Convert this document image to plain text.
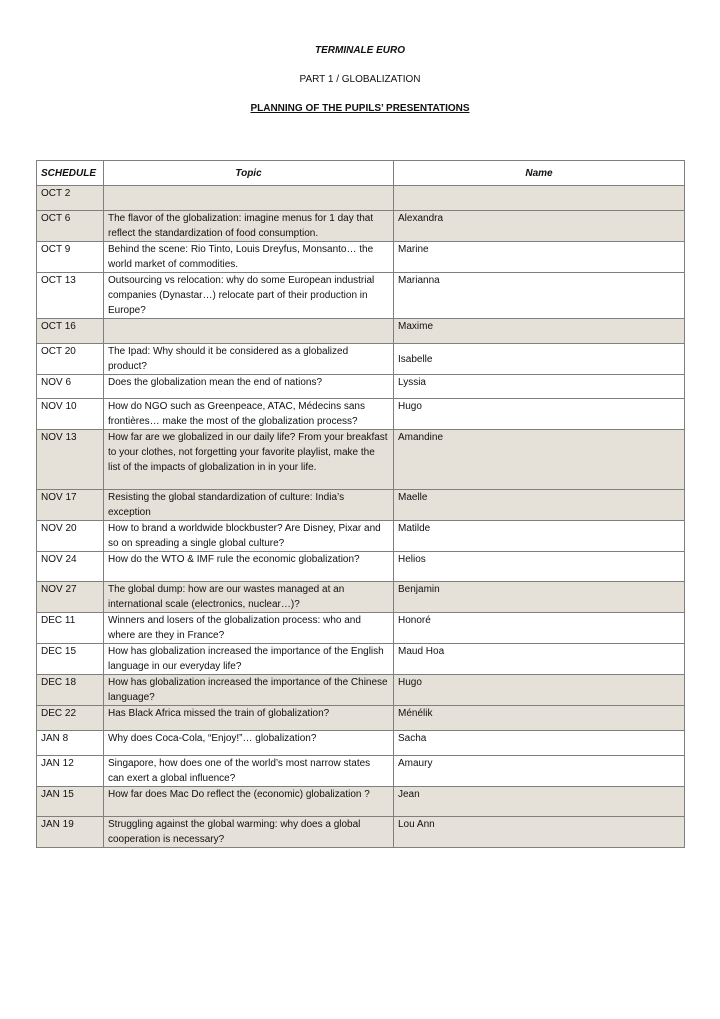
TERMINALE EURO
PART 1 / GLOBALIZATION
PLANNING OF THE PUPILS’ PRESENTATIONS
SCHEDULE	Topic	Name
OCT 2		
OCT 6	The flavor of the globalization: imagine menus for 1 day that reflect the standardization of food consumption.	Alexandra
OCT 9	Behind the scene: Rio Tinto, Louis Dreyfus, Monsanto… the world market of commodities.	Marine
OCT 13	Outsourcing vs relocation: why do some European industrial companies (Dynastar…) relocate part of their production in Europe?	Marianna
OCT 16		Maxime
OCT 20	The Ipad: Why should it be considered as a globalized product?	Isabelle
NOV 6	Does the globalization mean the end of nations?	Lyssia
NOV 10	How do NGO such as Greenpeace, ATAC, Médecins sans frontières… make the most of the globalization process?	Hugo
NOV 13	How far are we globalized in our daily life? From your breakfast to your clothes, not forgetting your favorite playlist, make the list of the impacts of globalization in in your life.	Amandine
NOV 17	Resisting the global standardization of culture: India’s exception	Maelle
NOV 20	How to brand a worldwide blockbuster? Are Disney, Pixar and so on spreading a single global culture?	Matilde
NOV 24	How do the WTO & IMF rule the economic globalization?	Helios
NOV 27	The global dump: how are our wastes managed at an international scale (electronics, nuclear…)?	Benjamin
DEC 11	Winners and losers of the globalization process: who and where are they in France?	Honoré
DEC 15	How has globalization increased the importance of the English language in our everyday life?	Maud Hoa
DEC 18	How has globalization increased the importance of the Chinese language?	Hugo
DEC 22	Has Black Africa missed the train of globalization?	Ménélik
JAN 8	Why does Coca-Cola, “Enjoy!”… globalization?	Sacha
JAN 12	Singapore, how does one of the world’s most narrow states can exert a global influence?	Amaury
JAN 15	How far does Mac Do reflect the (economic) globalization ?	Jean
JAN 19	Struggling against the global warming: why does a global cooperation is necessary?	Lou Ann
